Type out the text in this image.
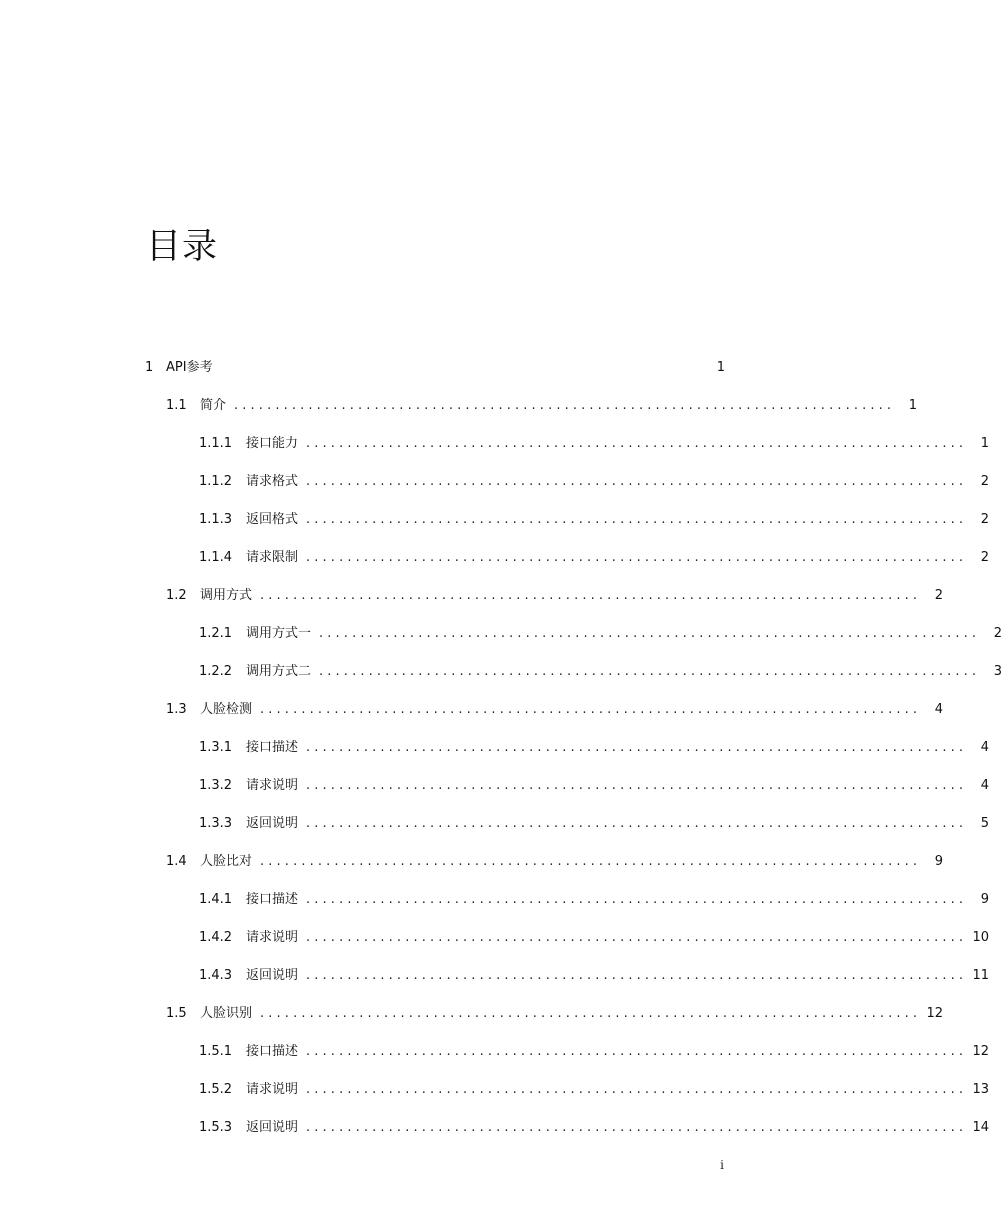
目录
1 API参考	1
1.1	简介 . . . . . . . . . . . . . . . . . . . . . . . . . . . . . . . . . . . . . . . . . . . . . . . . . . . . . . . . . . . . . . . . . . . . . . . . . . . . . . . .	1
1.1.1	接口能力 . . . . . . . . . . . . . . . . . . . . . . . . . . . . . . . . . . . . . . . . . . . . . . . . . . . . . . . . . . . . . . . . . . . . . . . . . . . . . . . .	1
1.1.2	请求格式 . . . . . . . . . . . . . . . . . . . . . . . . . . . . . . . . . . . . . . . . . . . . . . . . . . . . . . . . . . . . . . . . . . . . . . . . . . . . . . . .	2
1.1.3	返回格式 . . . . . . . . . . . . . . . . . . . . . . . . . . . . . . . . . . . . . . . . . . . . . . . . . . . . . . . . . . . . . . . . . . . . . . . . . . . . . . . .	2
1.1.4	请求限制 . . . . . . . . . . . . . . . . . . . . . . . . . . . . . . . . . . . . . . . . . . . . . . . . . . . . . . . . . . . . . . . . . . . . . . . . . . . . . . . .	2
1.2	调用方式 . . . . . . . . . . . . . . . . . . . . . . . . . . . . . . . . . . . . . . . . . . . . . . . . . . . . . . . . . . . . . . . . . . . . . . . . . . . . . . . .	2
1.2.1	调用方式一 . . . . . . . . . . . . . . . . . . . . . . . . . . . . . . . . . . . . . . . . . . . . . . . . . . . . . . . . . . . . . . . . . . . . . . . . . . . . . . . .	2
1.2.2	调用方式二 . . . . . . . . . . . . . . . . . . . . . . . . . . . . . . . . . . . . . . . . . . . . . . . . . . . . . . . . . . . . . . . . . . . . . . . . . . . . . . . .	3
1.3	人脸检测 . . . . . . . . . . . . . . . . . . . . . . . . . . . . . . . . . . . . . . . . . . . . . . . . . . . . . . . . . . . . . . . . . . . . . . . . . . . . . . . .	4
1.3.1	接口描述 . . . . . . . . . . . . . . . . . . . . . . . . . . . . . . . . . . . . . . . . . . . . . . . . . . . . . . . . . . . . . . . . . . . . . . . . . . . . . . . .	4
1.3.2	请求说明 . . . . . . . . . . . . . . . . . . . . . . . . . . . . . . . . . . . . . . . . . . . . . . . . . . . . . . . . . . . . . . . . . . . . . . . . . . . . . . . .	4
1.3.3	返回说明 . . . . . . . . . . . . . . . . . . . . . . . . . . . . . . . . . . . . . . . . . . . . . . . . . . . . . . . . . . . . . . . . . . . . . . . . . . . . . . . .	5
1.4	人脸比对 . . . . . . . . . . . . . . . . . . . . . . . . . . . . . . . . . . . . . . . . . . . . . . . . . . . . . . . . . . . . . . . . . . . . . . . . . . . . . . . .	9
1.4.1	接口描述 . . . . . . . . . . . . . . . . . . . . . . . . . . . . . . . . . . . . . . . . . . . . . . . . . . . . . . . . . . . . . . . . . . . . . . . . . . . . . . . .	9
1.4.2	请求说明 . . . . . . . . . . . . . . . . . . . . . . . . . . . . . . . . . . . . . . . . . . . . . . . . . . . . . . . . . . . . . . . . . . . . . . . . . . . . . . . . 10
1.4.3	返回说明 . . . . . . . . . . . . . . . . . . . . . . . . . . . . . . . . . . . . . . . . . . . . . . . . . . . . . . . . . . . . . . . . . . . . . . . . . . . . . . . . 11
1.5	人脸识别 . . . . . . . . . . . . . . . . . . . . . . . . . . . . . . . . . . . . . . . . . . . . . . . . . . . . . . . . . . . . . . . . . . . . . . . . . . . . . . . . 12
1.5.1	接口描述 . . . . . . . . . . . . . . . . . . . . . . . . . . . . . . . . . . . . . . . . . . . . . . . . . . . . . . . . . . . . . . . . . . . . . . . . . . . . . . . . 12
1.5.2	请求说明 . . . . . . . . . . . . . . . . . . . . . . . . . . . . . . . . . . . . . . . . . . . . . . . . . . . . . . . . . . . . . . . . . . . . . . . . . . . . . . . . 13
1.5.3	返回说明 . . . . . . . . . . . . . . . . . . . . . . . . . . . . . . . . . . . . . . . . . . . . . . . . . . . . . . . . . . . . . . . . . . . . . . . . . . . . . . . . 14
i
